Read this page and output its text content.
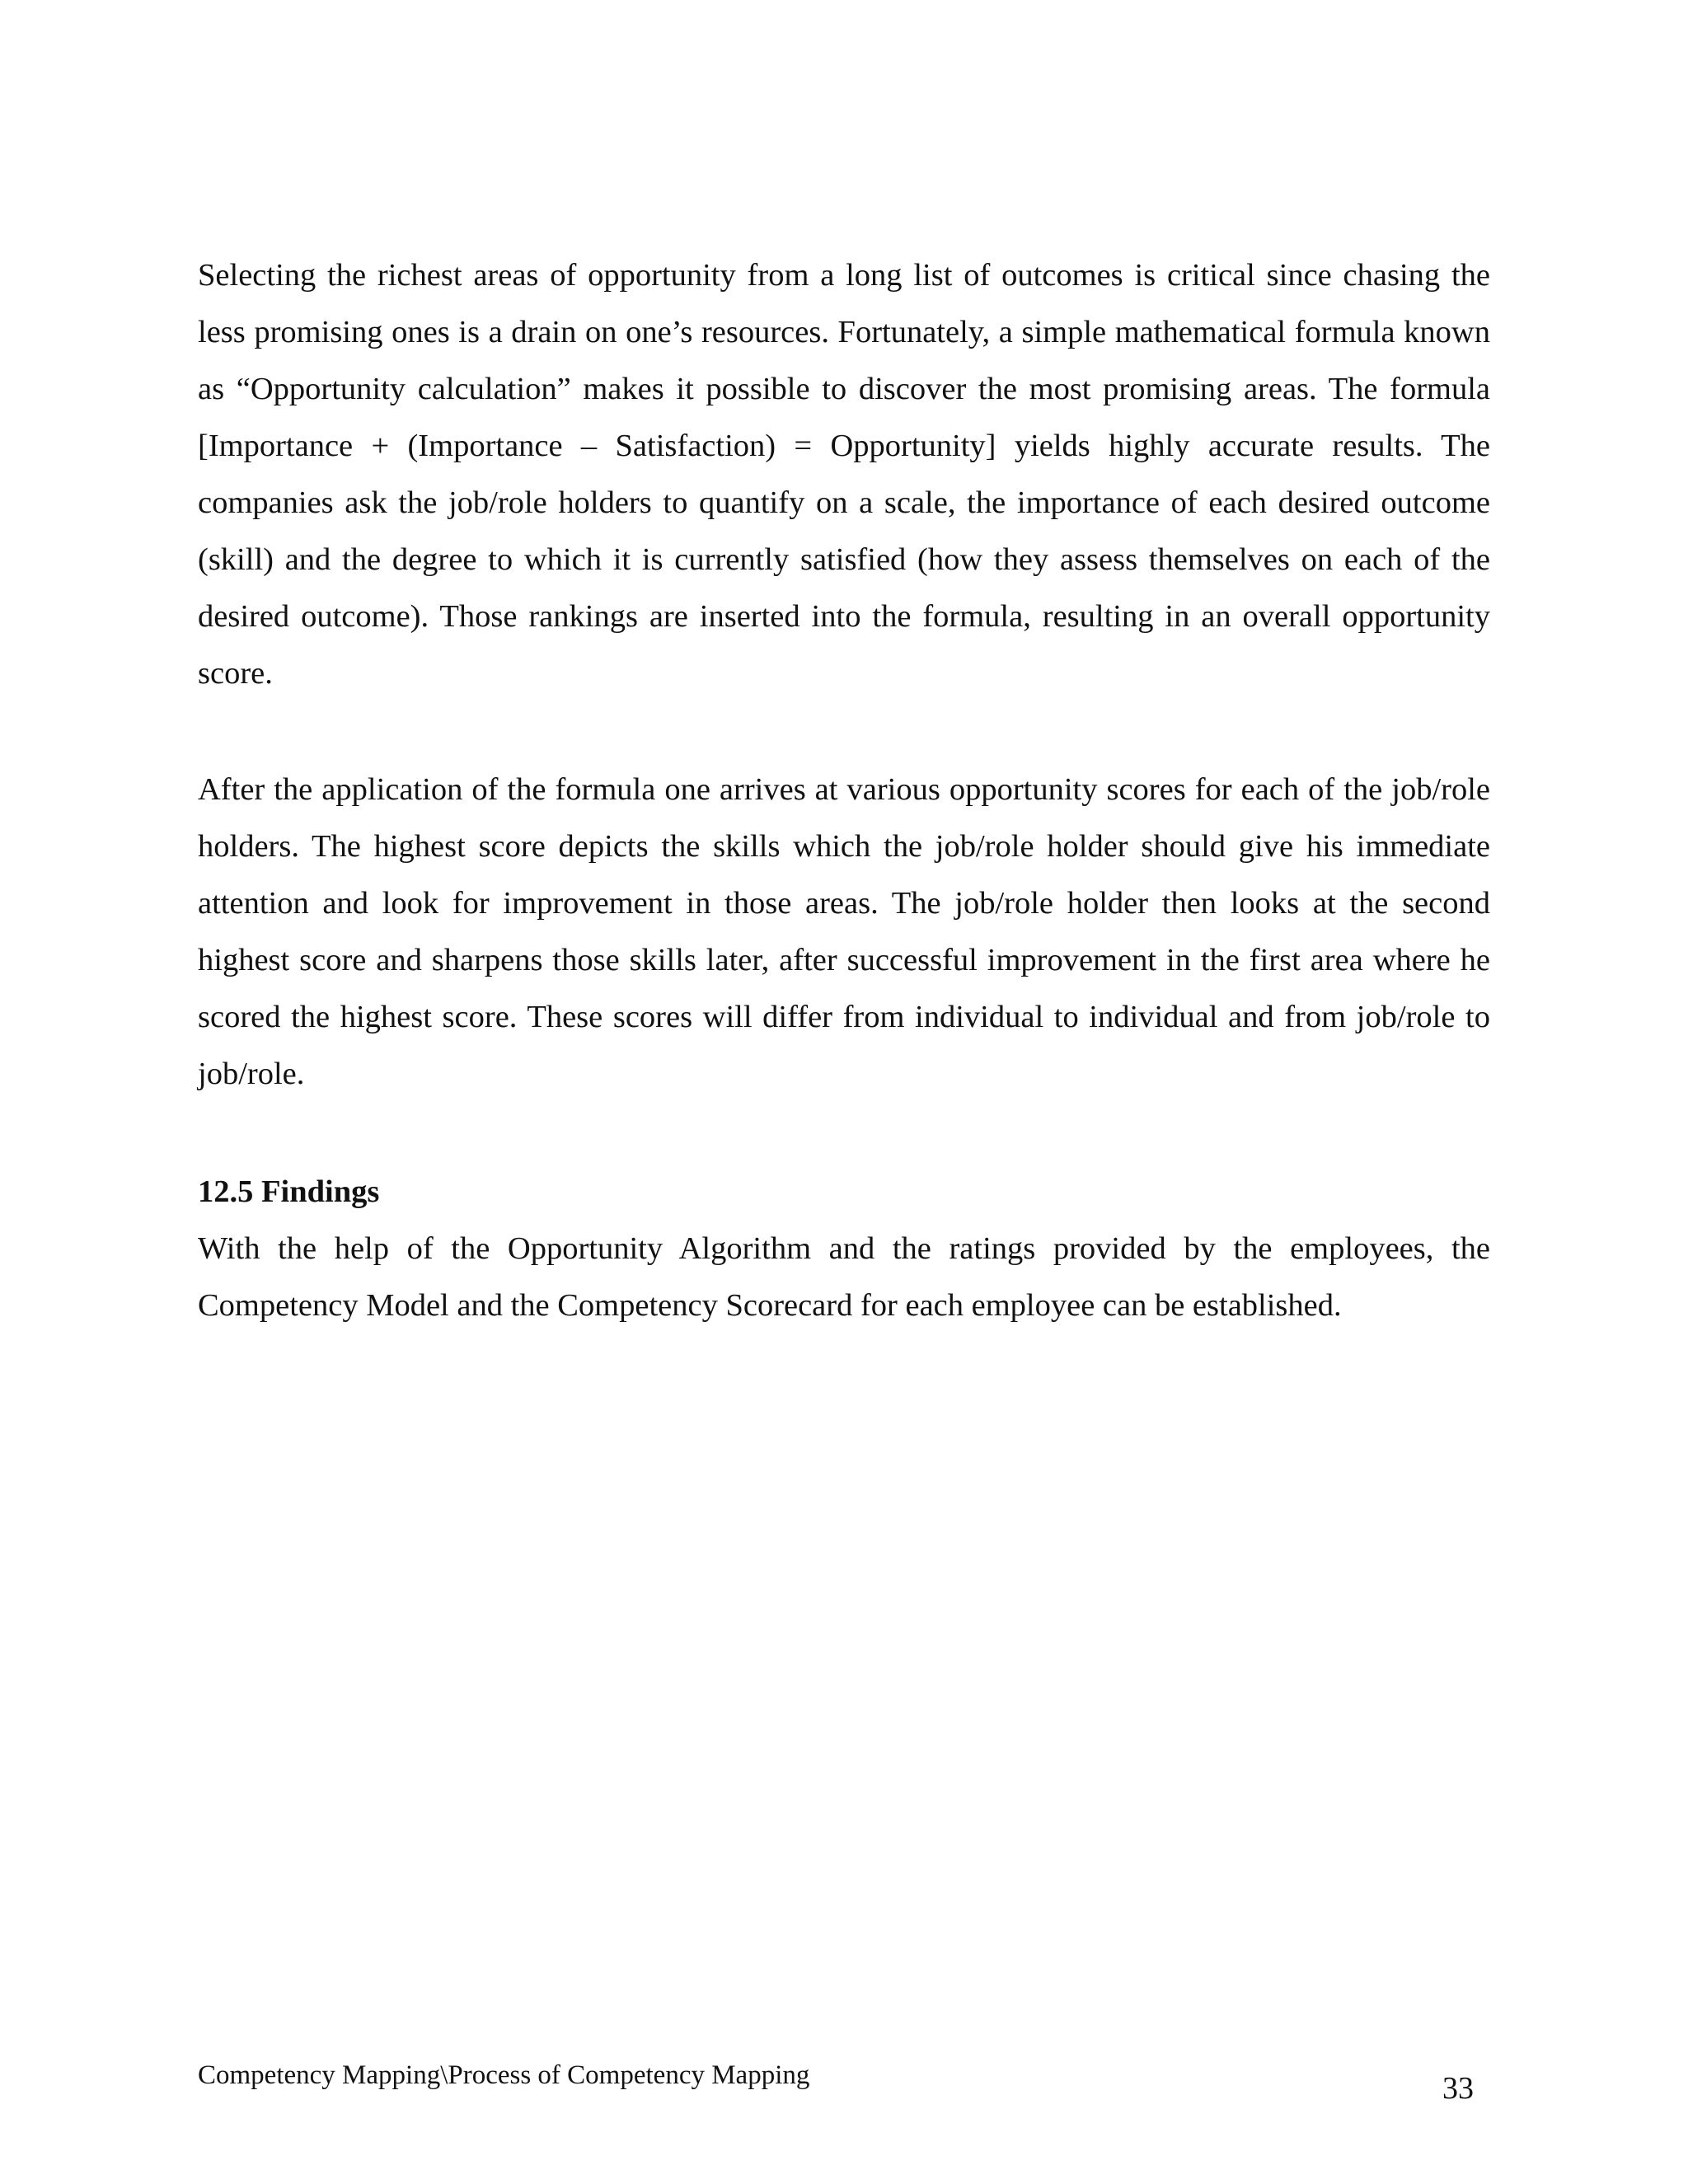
Selecting the richest areas of opportunity from a long list of outcomes is critical since chasing the less promising ones is a drain on one’s resources. Fortunately, a simple mathematical formula known as “Opportunity calculation” makes it possible to discover the most promising areas. The formula [Importance + (Importance – Satisfaction) = Opportunity] yields highly accurate results. The companies ask the job/role holders to quantify on a scale, the importance of each desired outcome (skill) and the degree to which it is currently satisfied (how they assess themselves on each of the desired outcome). Those rankings are inserted into the formula, resulting in an overall opportunity score.

After the application of the formula one arrives at various opportunity scores for each of the job/role holders. The highest score depicts the skills which the job/role holder should give his immediate attention and look for improvement in those areas. The job/role holder then looks at the second highest score and sharpens those skills later, after successful improvement in the first area where he scored the highest score. These scores will differ from individual to individual and from job/role to job/role.

12.5 Findings

With the help of the Opportunity Algorithm and the ratings provided by the employees, the Competency Model and the Competency Scorecard for each employee can be established.

Competency Mapping\Process of Competency Mapping	33
